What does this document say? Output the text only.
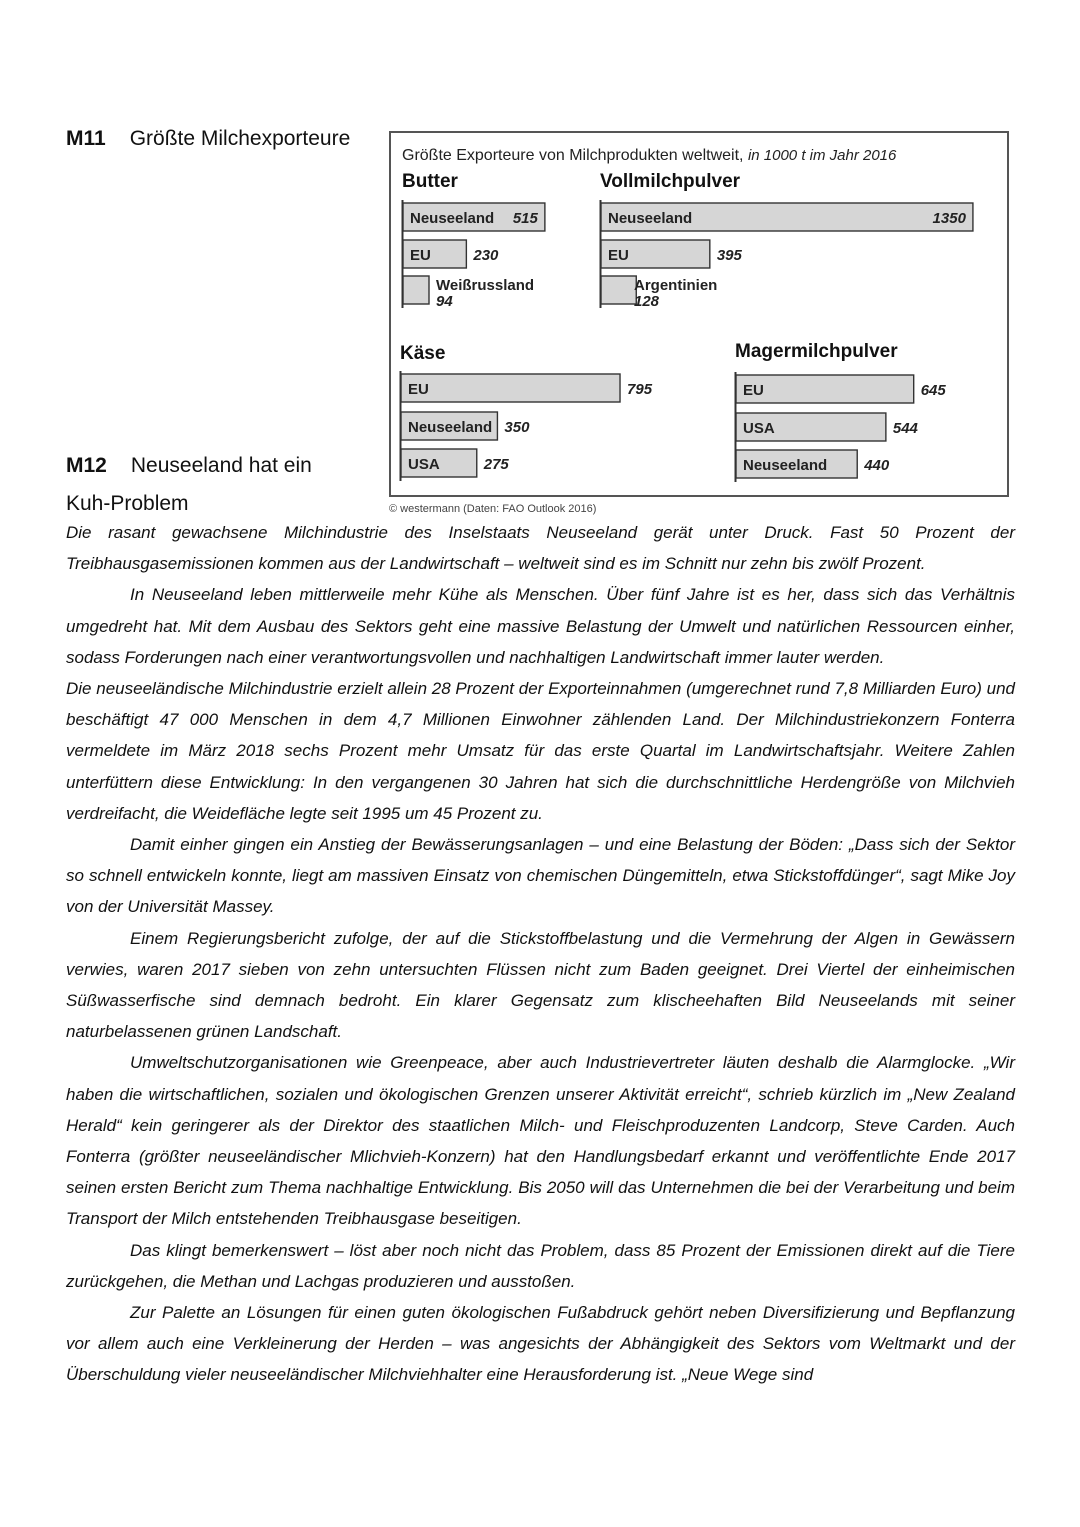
M11 Größte Milchexporteure
M12 Neuseeland hat ein Kuh-Problem
Größte Exporteure von Milchprodukten weltweit, in 1000 t im Jahr 2016
Butter
Neuseeland 515
EU	230
Weißrussland
94
Vollmilchpulver
Neuseeland	1350
EU	395
Argentinien
128
Käse
EU	795
Neuseeland 350
USA	275
Magermilchpulver
EU	645
USA	544
Neuseeland 440
© westermann (Daten: FAO Outlook 2016)

Die rasant gewachsene Milchindustrie des Inselstaats Neuseeland gerät unter Druck. Fast 50 Prozent der Treibhausgasemissionen kommen aus der Landwirtschaft – weltweit sind es im Schnitt nur zehn bis zwölf Prozent.

In Neuseeland leben mittlerweile mehr Kühe als Menschen. Über fünf Jahre ist es her, dass sich das Verhältnis umgedreht hat. Mit dem Ausbau des Sektors geht eine massive Belastung der Umwelt und natürlichen Ressourcen einher, sodass Forderungen nach einer verantwortungsvollen und nachhaltigen Landwirtschaft immer lauter werden.

Die neuseeländische Milchindustrie erzielt allein 28 Prozent der Exporteinnahmen (umgerechnet rund 7,8 Milliarden Euro) und beschäftigt 47 000 Menschen in dem 4,7 Millionen Einwohner zählenden Land. Der Milchindustriekonzern Fonterra vermeldete im März 2018 sechs Prozent mehr Umsatz für das erste Quartal im Landwirtschaftsjahr. Weitere Zahlen unterfüttern diese Entwicklung: In den vergangenen 30 Jahren hat sich die durchschnittliche Herdengröße von Milchvieh verdreifacht, die Weidefläche legte seit 1995 um 45 Prozent zu.

Damit einher gingen ein Anstieg der Bewässerungsanlagen – und eine Belastung der Böden: „Dass sich der Sektor so schnell entwickeln konnte, liegt am massiven Einsatz von chemischen Düngemitteln, etwa Stickstoffdünger“, sagt Mike Joy von der Universität Massey.

Einem Regierungsbericht zufolge, der auf die Stickstoffbelastung und die Vermehrung der Algen in Gewässern verwies, waren 2017 sieben von zehn untersuchten Flüssen nicht zum Baden geeignet. Drei Viertel der einheimischen Süßwasserfische sind demnach bedroht. Ein klarer Gegensatz zum klischeehaften Bild Neuseelands mit seiner naturbelassenen grünen Landschaft.

Umweltschutzorganisationen wie Greenpeace, aber auch Industrievertreter läuten deshalb die Alarmglocke. „Wir haben die wirtschaftlichen, sozialen und ökologischen Grenzen unserer Aktivität erreicht“, schrieb kürzlich im „New Zealand Herald“ kein geringerer als der Direktor des staatlichen Milch- und Fleischproduzenten Landcorp, Steve Carden. Auch Fonterra (größter neuseeländischer Mlichvieh-Konzern) hat den Handlungsbedarf erkannt und veröffentlichte Ende 2017 seinen ersten Bericht zum Thema nachhaltige Entwicklung. Bis 2050 will das Unternehmen die bei der Verarbeitung und beim Transport der Milch entstehenden Treibhausgase beseitigen.

Das klingt bemerkenswert – löst aber noch nicht das Problem, dass 85 Prozent der Emissionen direkt auf die Tiere zurückgehen, die Methan und Lachgas produzieren und ausstoßen.

Zur Palette an Lösungen für einen guten ökologischen Fußabdruck gehört neben Diversifizierung und Bepflanzung vor allem auch eine Verkleinerung der Herden – was angesichts der Abhängigkeit des Sektors vom Weltmarkt und der Überschuldung vieler neuseeländischer Milchviehhalter eine Herausforderung ist. „Neue Wege sind
